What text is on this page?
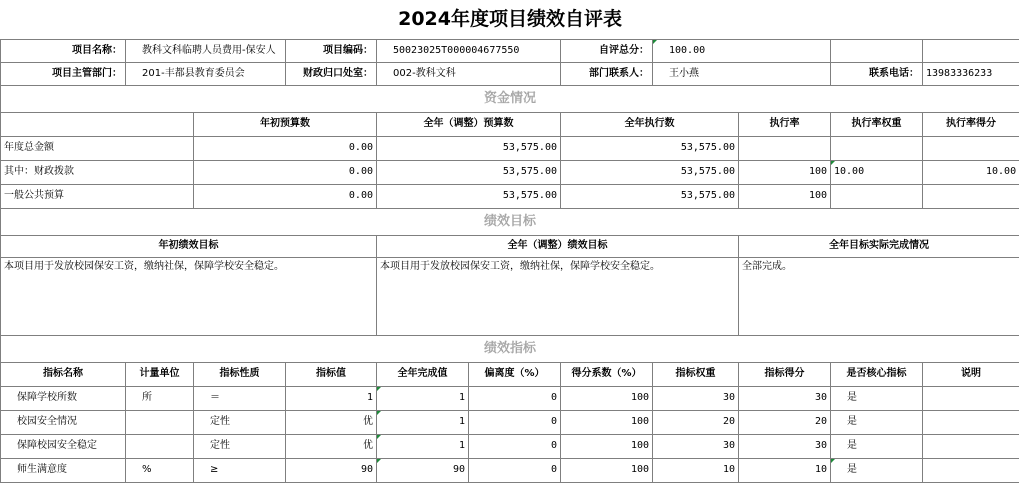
2024年度项目绩效自评表										
项目名称：	教科文科临聘人员费用-保安人		项目编码：	50023025T000004677550		自评总分：	100.00			
项目主管部门：	201-丰都县教育委员会		财政归口处室：	002-教科文科		部门联系人：	王小燕		联系电话：	13983336233
资金情况										
		年初预算数		全年（调整）预算数		全年执行数		执行率	执行率权重	执行率得分
年度总金额		0.00		53,575.00		53,575.00				
其中：财政拨款		0.00		53,575.00		53,575.00		100	10.00	10.00
一般公共预算		0.00		53,575.00		53,575.00		100		
绩效目标										
年初绩效目标				全年（调整）绩效目标				全年目标实际完成情况		
本项目用于发放校园保安工资，缴纳社保，保障学校安全稳定。				本项目用于发放校园保安工资，缴纳社保，保障学校安全稳定。				全部完成。		
绩效指标										
指标名称	计量单位	指标性质	指标值	全年完成值	偏离度（%）	得分系数（%）	指标权重	指标得分	是否核心指标	说明
保障学校所数	所	＝	1	1	0	100	30	30	是	
校园安全情况		定性	优	1	0	100	20	20	是	
保障校园安全稳定		定性	优	1	0	100	30	30	是	
师生满意度	%	≥	90	90	0	100	10	10	是	
